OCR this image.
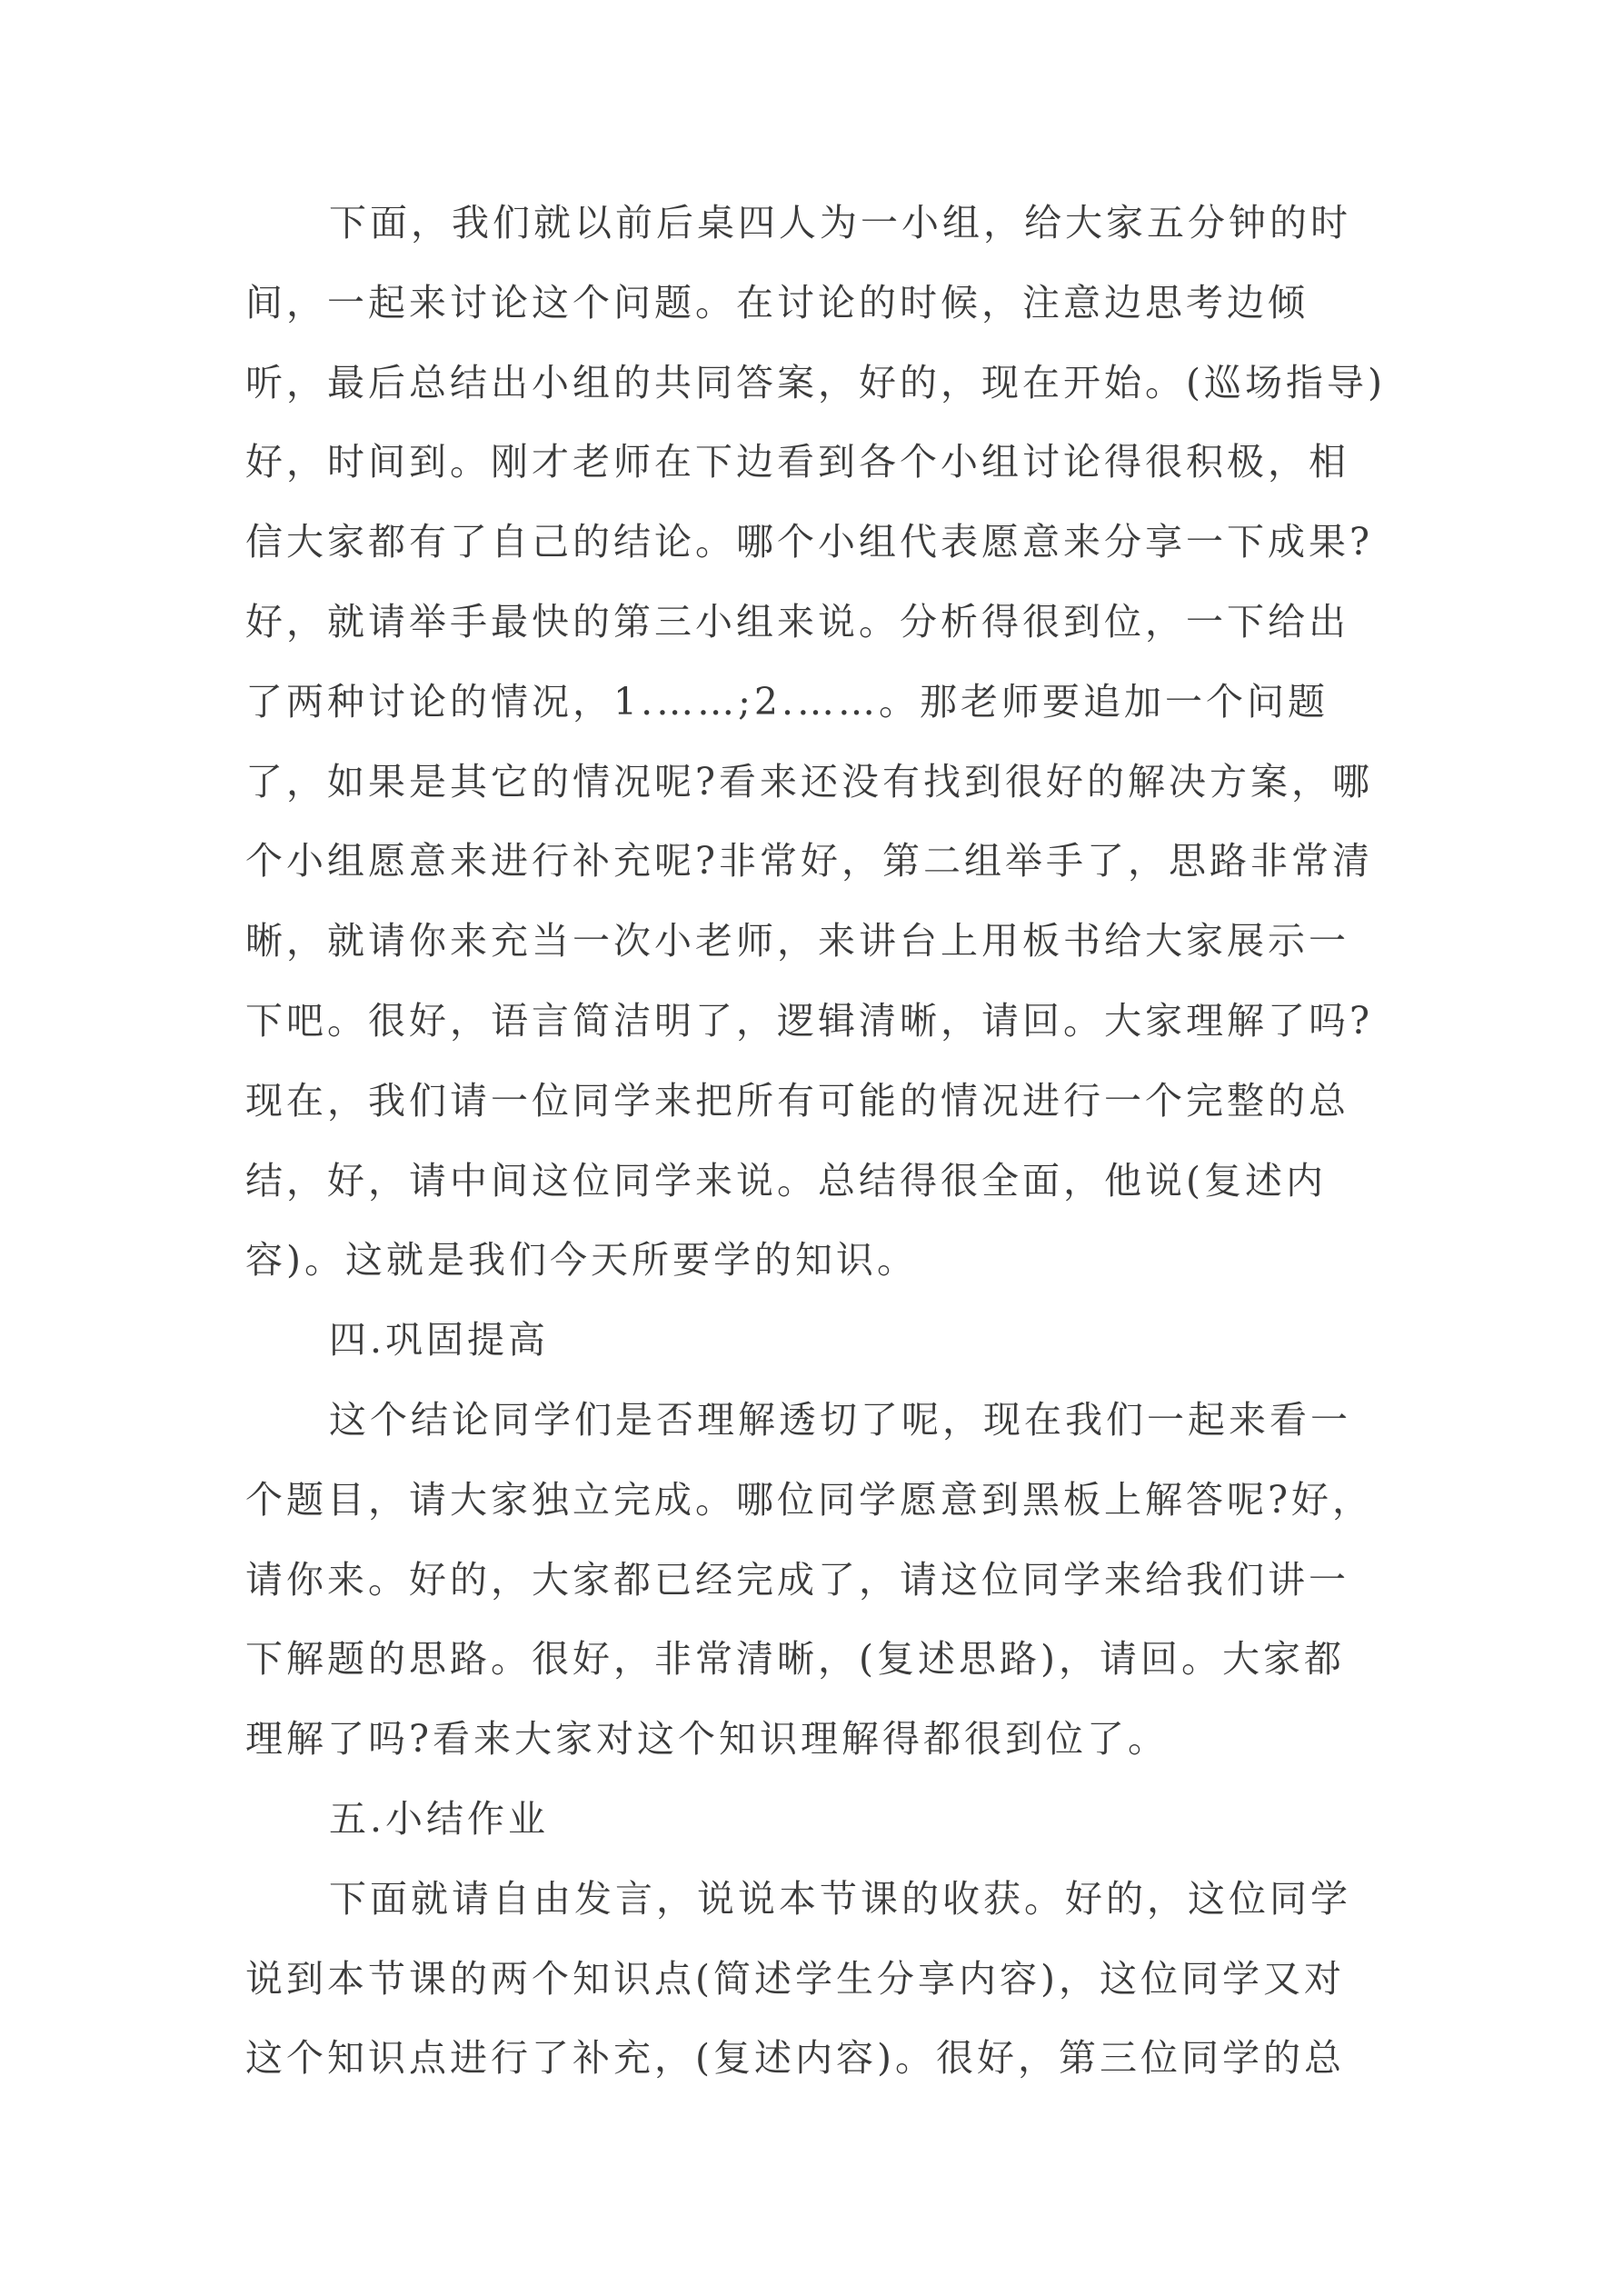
下面，我们就以前后桌四人为一小组，给大家五分钟的时
间，一起来讨论这个问题。在讨论的时候，注意边思考边倾
听，最后总结出小组的共同答案，好的，现在开始。(巡场指导)
好，时间到。刚才老师在下边看到各个小组讨论得很积极，相
信大家都有了自己的结论。哪个小组代表愿意来分享一下成果?
好，就请举手最快的第三小组来说。分析得很到位，一下给出
了两种讨论的情况，1.……;2.……。那老师要追加一个问题
了，如果是其它的情况呢?看来还没有找到很好的解决方案，哪
个小组愿意来进行补充呢?非常好，第二组举手了，思路非常清
晰，就请你来充当一次小老师，来讲台上用板书给大家展示一
下吧。很好，语言简洁明了，逻辑清晰，请回。大家理解了吗?
现在，我们请一位同学来把所有可能的情况进行一个完整的总
结，好，请中间这位同学来说。总结得很全面，他说(复述内
容)。这就是我们今天所要学的知识。
四.巩固提高
这个结论同学们是否理解透切了呢，现在我们一起来看一
个题目，请大家独立完成。哪位同学愿意到黑板上解答呢?好，
请你来。好的，大家都已经完成了，请这位同学来给我们讲一
下解题的思路。很好，非常清晰，(复述思路)，请回。大家都
理解了吗?看来大家对这个知识理解得都很到位了。
五.小结作业
下面就请自由发言，说说本节课的收获。好的，这位同学
说到本节课的两个知识点(简述学生分享内容)，这位同学又对
这个知识点进行了补充，(复述内容)。很好，第三位同学的总
